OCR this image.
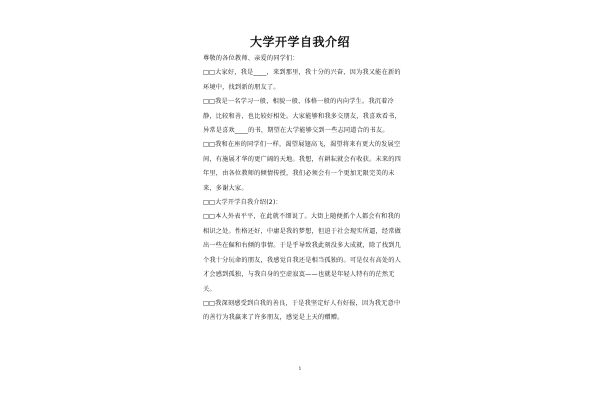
大学开学自我介绍

尊敬的各位教师、亲爱的同学们：

□□大家好，我是____，来到那里，我十分的兴奋，因为我又能在新的环境中，找到新的朋友了。

□□我是一名学习一般，相貌一般，体格一般的内向学生。我沉着冷静，比较和善，也比较好相处。大家能够和我多交朋友，我喜欢看书，异常是喜欢____的书，期望在大学能够交到一些志同道合的书友。

□□我和在座的同学们一样，渴望展翅高飞，渴望将来有更大的发展空间，有施展才华的更广阔的天地。我想，有耕耘就会有收获。未来的四年里，由各位教师的倾情传授，我们必须会有一个更加无限完美的未来，多谢大家。

□□大学开学自我介绍(2)：

□□本人外表平平，在此就不细说了。大街上随便抓个人都会有和我的相识之处。性格还好，中庸是我的梦想，但迫于社会现实所逼，经常做出一些在倔和右倾的事情。于是乎导致我此刻没多大成就，除了找到几个我十分玩命的朋友，我感觉自我还是相当孤独的。可是仅有高处的人才会感到孤独，与我自身的空虚寂寞——也就是年轻人特有的茫然无关。

□□我深刻感受到自我的善良，于是我坚定好人有好报，因为我无意中的善行为我赢来了许多朋友，感觉是上天的赠赠。

1
